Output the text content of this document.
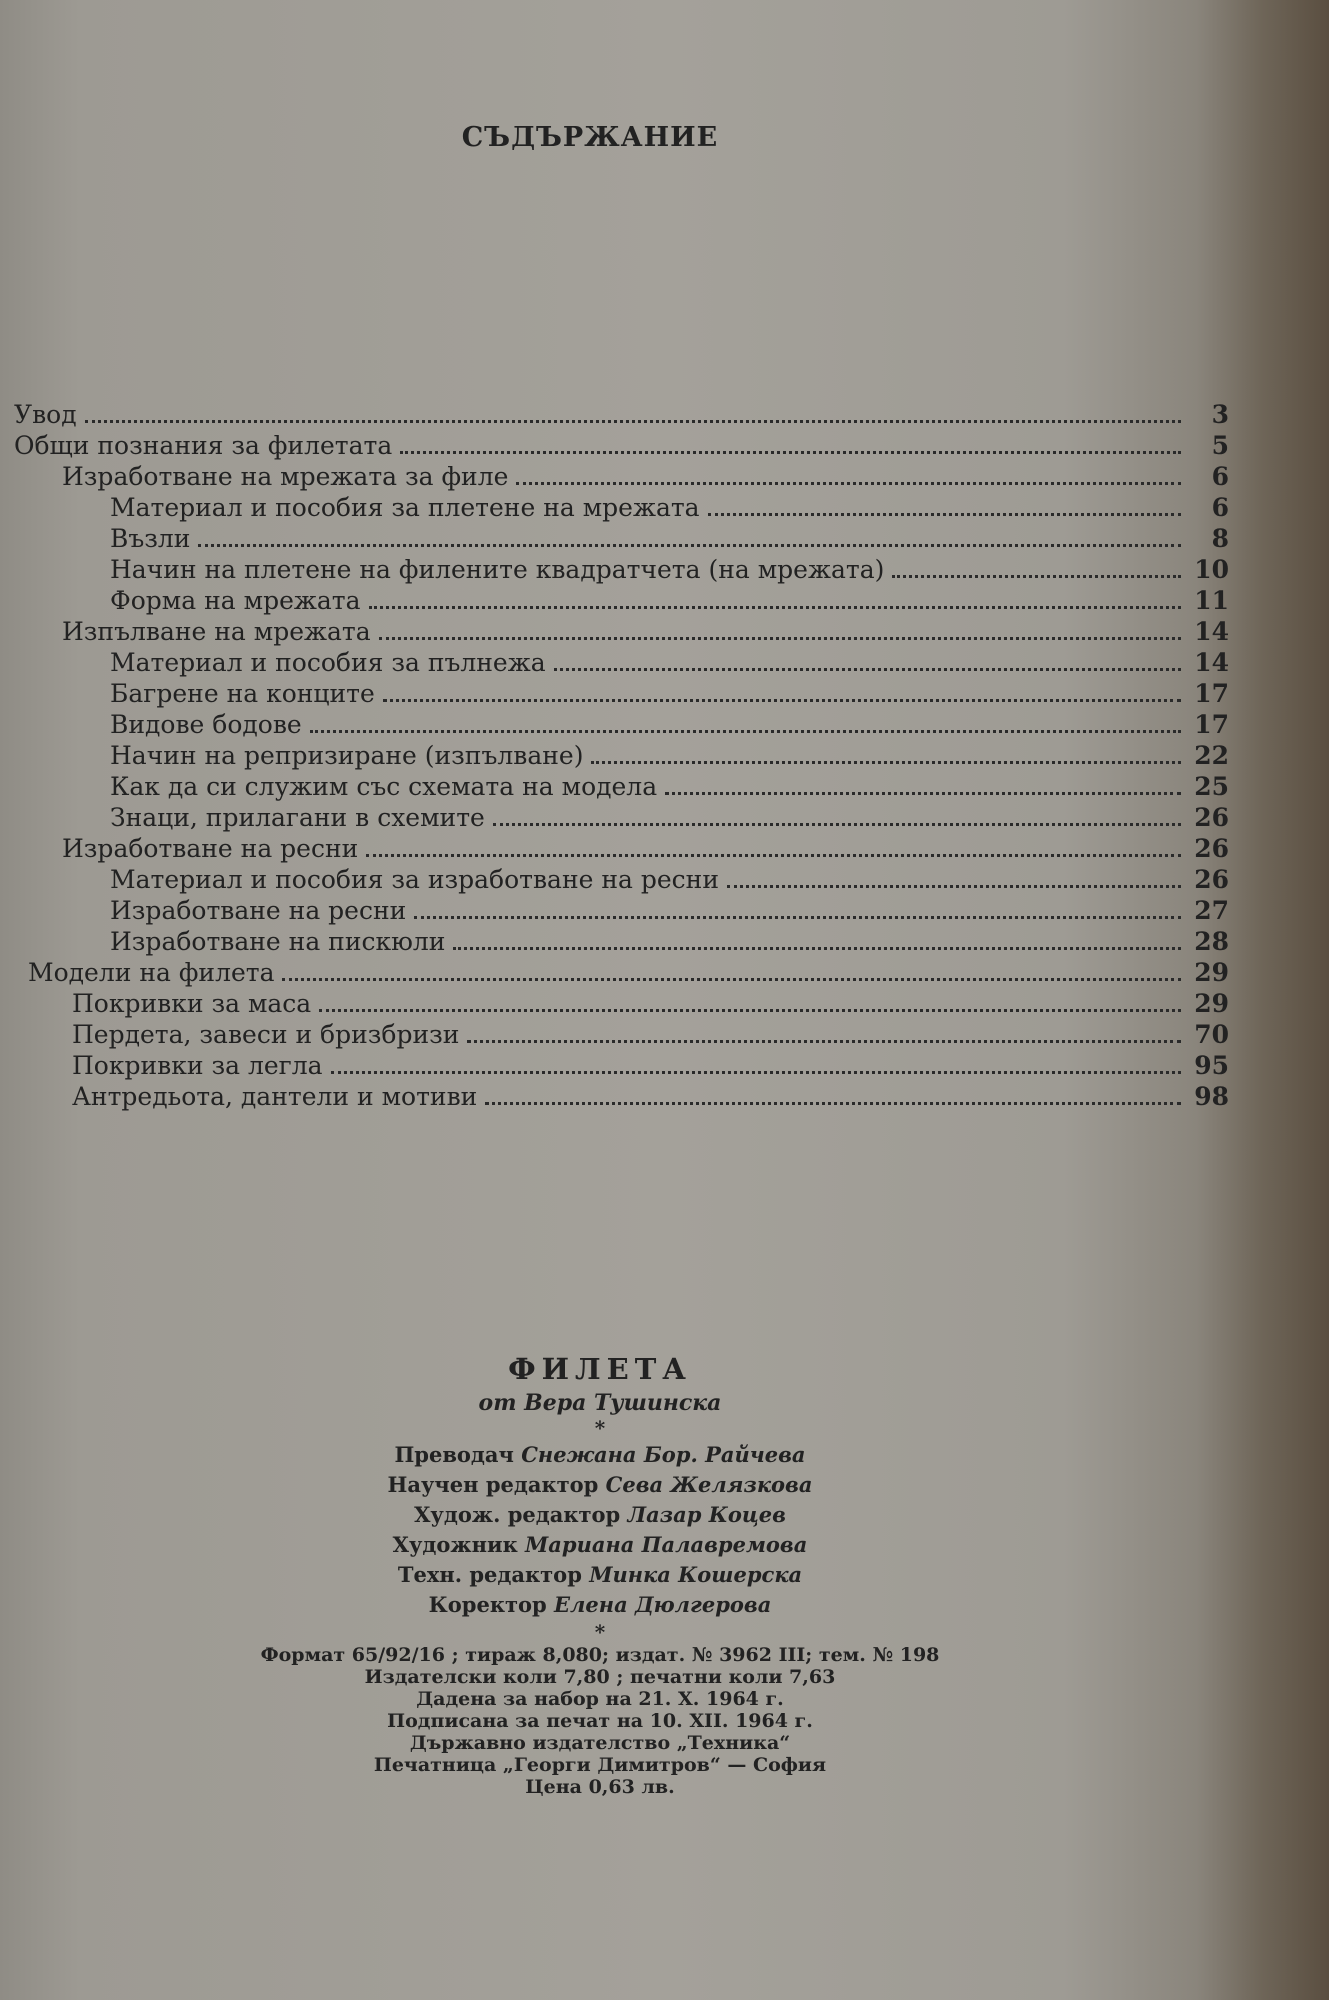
СЪДЪРЖАНИЕ
Увод	3
Общи познания за филетата	5
Изработване на мрежата за филе	6
Материал и пособия за плетене на мрежата	6
Възли	8
Начин на плетене на филените квадратчета (на мрежата)	10
Форма на мрежата	11
Изпълване на мрежата	14
Материал и пособия за пълнежа	14
Багрене на конците	17
Видове бодове	17
Начин на репризиране (изпълване)	22
Как да си служим със схемата на модела	25
Знаци, прилагани в схемите	26
Изработване на ресни	26
Материал и пособия за изработване на ресни	26
Изработване на ресни	27
Изработване на пискюли	28
Модели на филета	29
Покривки за маса	29
Пердета, завеси и бризбризи	70
Покривки за легла	95
Антредьота, дантели и мотиви	98
ФИЛЕТА
от Вера Тушинска
*
Преводач Снежана Бор. Райчева
Научен редактор Сева Желязкова
Худож. редактор Лазар Коцев
Художник Мариана Палавремова
Техн. редактор Минка Кошерска
Коректор Елена Дюлгерова
*
Формат 65/92/16 ; тираж 8,080; издат. № 3962 III; тем. № 198
Издателски коли 7,80 ; печатни коли 7,63
Дадена за набор на 21. X. 1964 г.
Подписана за печат на 10. XII. 1964 г.
Държавно издателство „Техника“
Печатница „Георги Димитров“ — София
Цена 0,63 лв.
